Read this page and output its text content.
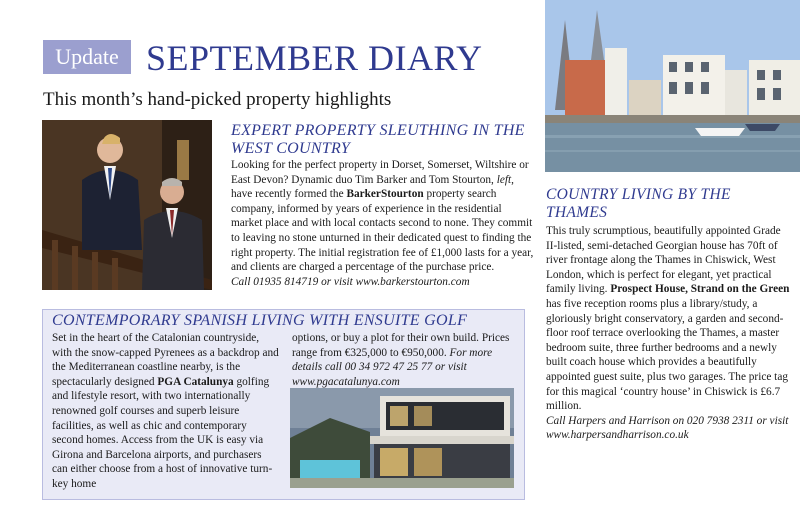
Update SEPTEMBER DIARY
This month’s hand-picked property highlights
EXPERT PROPERTY SLEUTHING IN THE WEST COUNTRY
Looking for the perfect property in Dorset, Somerset, Wiltshire or East Devon? Dynamic duo Tim Barker and Tom Stourton, left, have recently formed the BarkerStourton property search company, informed by years of experience in the residential market place and with local contacts second to none. They commit to leaving no stone unturned in their dedicated quest to finding the right property. The initial registration fee of £1,000 lasts for a year, and clients are charged a percentage of the purchase price.
Call 01935 814719 or visit www.barkerstourton.com
CONTEMPORARY SPANISH LIVING WITH ENSUITE GOLF
Set in the heart of the Catalonian countryside, with the snow-capped Pyrenees as a backdrop and the Mediterranean coastline nearby, is the spectacularly designed PGA Catalunya golfing and lifestyle resort, with two internationally renowned golf courses and superb leisure facilities, as well as chic and contemporary second homes. Access from the UK is easy via Girona and Barcelona airports, and purchasers can either choose from a host of innovative turn-key home
options, or buy a plot for their own build. Prices range from €325,000 to €950,000. For more details call 00 34 972 47 25 77 or visit www.pgacatalunya.com
COUNTRY LIVING BY THE THAMES
This truly scrumptious, beautifully appointed Grade II-listed, semi-detached Georgian house has 70ft of river frontage along the Thames in Chiswick, West London, which is perfect for elegant, yet practical family living. Prospect House, Strand on the Green has five reception rooms plus a library/study, a gloriously bright conservatory, a garden and second-floor roof terrace overlooking the Thames, a master bedroom suite, three further bedrooms and a newly built coach house which provides a beautifully appointed guest suite, plus two garages. The price tag for this magical ‘country house’ in Chiswick is £6.7 million.
Call Harpers and Harrison on 020 7938 2311 or visit www.harpersandharrison.co.uk
